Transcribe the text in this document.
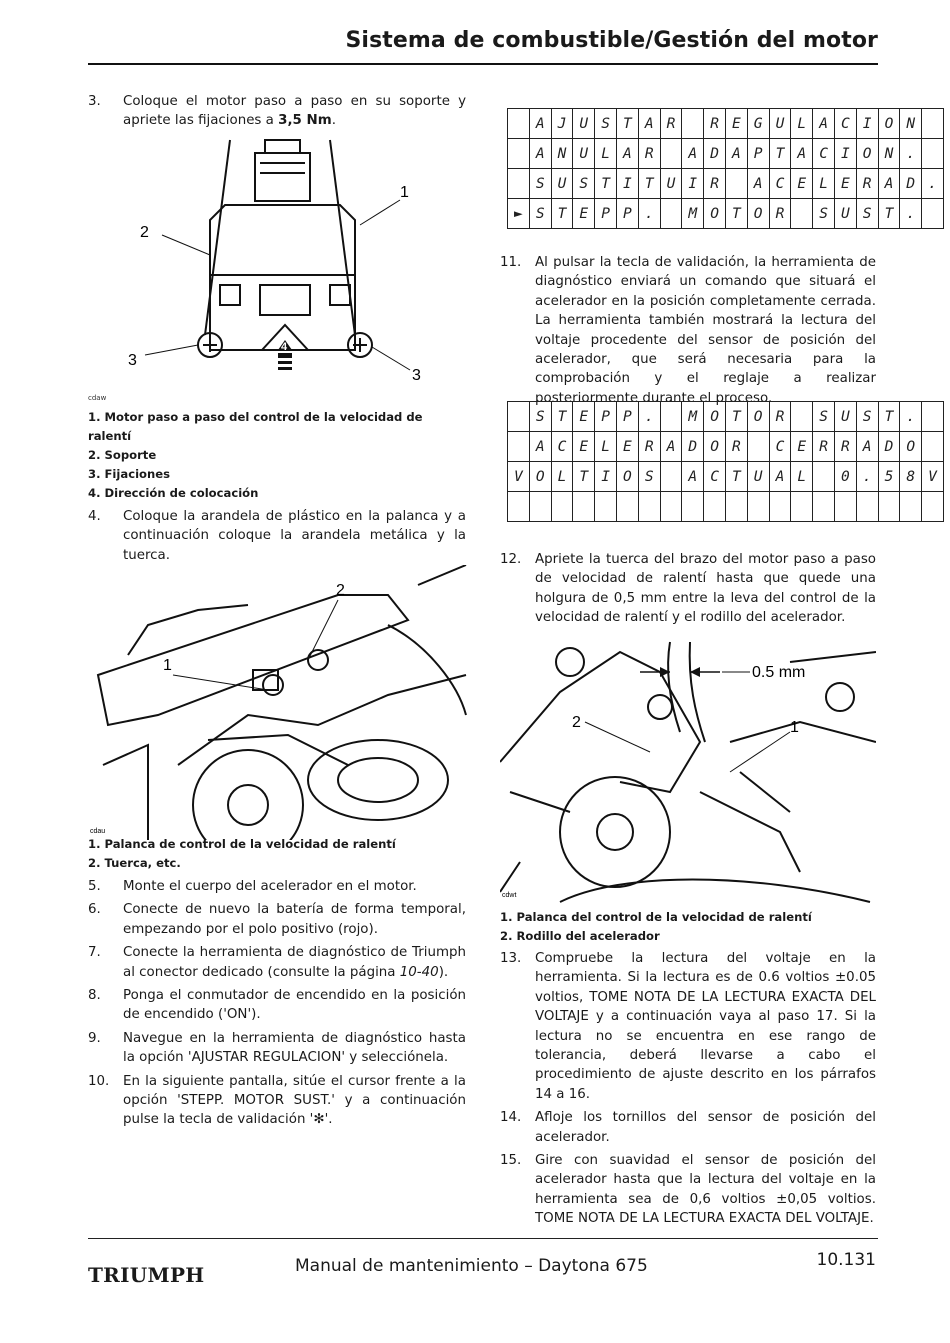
Sistema de combustible/Gestión del motor
3.	Coloque el motor paso a paso en su soporte y apriete las fijaciones a 3,5 Nm.
1
2
3
3
4
cdaw
1. Motor paso a paso del control de la velocidad de ralentí
2. Soporte
3. Fijaciones
4. Dirección de colocación
4.	Coloque la arandela de plástico en la palanca y a continuación coloque la arandela metálica y la tuerca.
1
2
cdau
1. Palanca de control de la velocidad de ralentí
2. Tuerca, etc.
5.	Monte el cuerpo del acelerador en el motor.
6.	Conecte de nuevo la batería de forma temporal, empezando por el polo positivo (rojo).
7.	Conecte la herramienta de diagnóstico de Triumph al conector dedicado (consulte la página 10-40).
8.	Ponga el conmutador de encendido en la posición de encendido ('ON').
9.	Navegue en la herramienta de diagnóstico hasta la opción 'AJUSTAR REGULACION' y selecciónela.
10.	En la siguiente pantalla, sitúe el cursor frente a la opción 'STEPP. MOTOR SUST.' y a continuación pulse la tecla de validación '✻'.
	A	J	U	S	T	A	R		R	E	G	U	L	A	C	I	O	N	
	A	N	U	L	A	R		A	D	A	P	T	A	C	I	O	N	.	
	S	U	S	T	I	T	U	I	R		A	C	E	L	E	R	A	D	.
►	S	T	E	P	P	.		M	O	T	O	R		S	U	S	T	.	
11.	Al pulsar la tecla de validación, la herramienta de diagnóstico enviará un comando que situará el acelerador en la posición completamente cerrada. La herramienta también mostrará la lectura del voltaje procedente del sensor de posición del acelerador, que será necesaria para la comprobación y el reglaje a realizar posteriormente durante el proceso.
	S	T	E	P	P	.		M	O	T	O	R		S	U	S	T	.	
	A	C	E	L	E	R	A	D	O	R		C	E	R	R	A	D	O	
V	O	L	T	I	O	S		A	C	T	U	A	L		0	.	5	8	V

12.	Apriete la tuerca del brazo del motor paso a paso de velocidad de ralentí hasta que quede una holgura de 0,5 mm entre la leva del control de la velocidad de ralentí y el rodillo del acelerador.
0.5 mm
2	1
cdwt
1. Palanca del control de la velocidad de ralentí
2. Rodillo del acelerador
13.	Compruebe la lectura del voltaje en la herramienta. Si la lectura es de 0.6 voltios ±0.05 voltios, TOME NOTA DE LA LECTURA EXACTA DEL VOLTAJE y a continuación vaya al paso 17. Si la lectura no se encuentra en ese rango de tolerancia, deberá llevarse a cabo el procedimiento de ajuste descrito en los párrafos 14 a 16.
14.	Afloje los tornillos del sensor de posición del acelerador.
15.	Gire con suavidad el sensor de posición del acelerador hasta que la lectura del voltaje en la herramienta sea de 0,6 voltios ±0,05 voltios. TOME NOTA DE LA LECTURA EXACTA DEL VOLTAJE.
TRIUMPH	Manual de mantenimiento – Daytona 675	10.131
